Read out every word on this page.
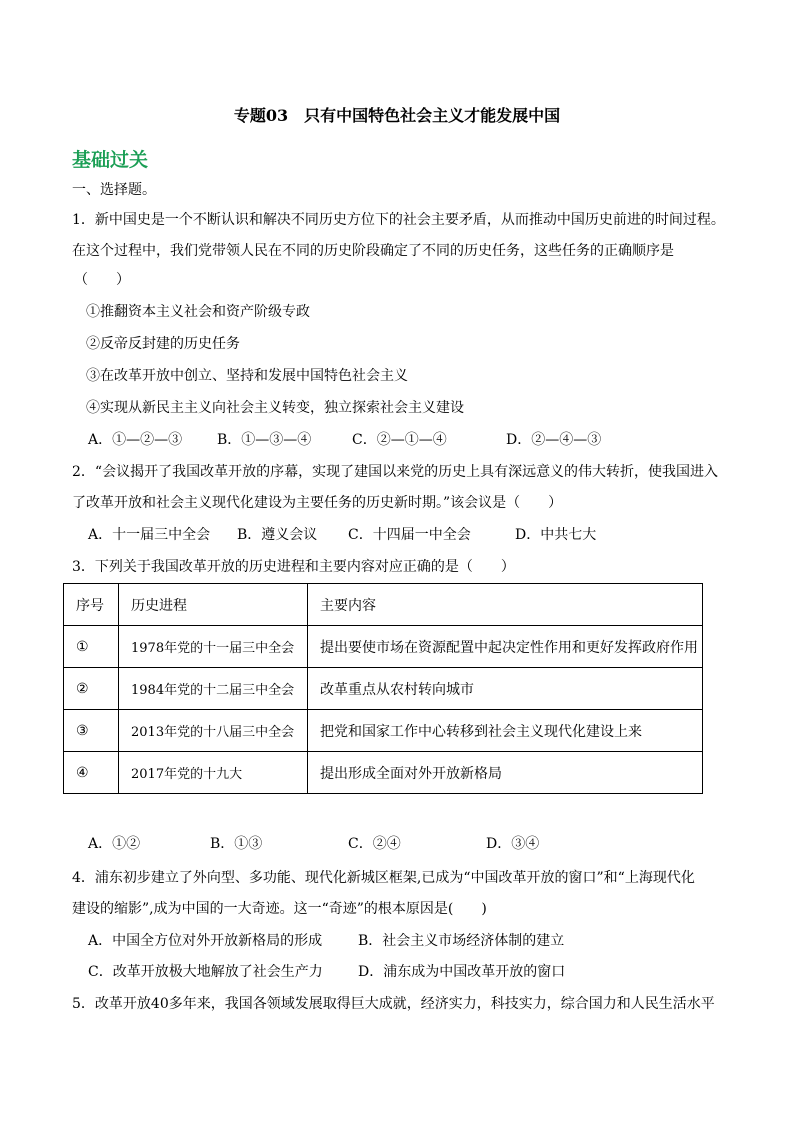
专题03　只有中国特色社会主义才能发展中国
基础过关
一、选择题。
1．新中国史是一个不断认识和解决不同历史方位下的社会主要矛盾，从而推动中国历史前进的时间过程。
在这个过程中，我们党带领人民在不同的历史阶段确定了不同的历史任务，这些任务的正确顺序是
（　　）
①推翻资本主义社会和资产阶级专政
②反帝反封建的历史任务
③在改革开放中创立、坚持和发展中国特色社会主义
④实现从新民主主义向社会主义转变，独立探索社会主义建设
A．①—②—③ B．①—③—④	C．②—①—④	D．②—④—③
2．“会议揭开了我国改革开放的序幕，实现了建国以来党的历史上具有深远意义的伟大转折，使我国进入
了改革开放和社会主义现代化建设为主要任务的历史新时期。”该会议是（　　）
A．十一届三中全会 B．遵义会议 C．十四届一中全会	D．中共七大
3．下列关于我国改革开放的历史进程和主要内容对应正确的是（　　）
序号	历史进程	主要内容
①	1978年党的十一届三中全会	提出要使市场在资源配置中起决定性作用和更好发挥政府作用
②	1984年党的十二届三中全会	改革重点从农村转向城市
③	2013年党的十八届三中全会	把党和国家工作中心转移到社会主义现代化建设上来
④	2017年党的十九大	提出形成全面对外开放新格局
A．①②	B．①③	C．②④	D．③④
4．浦东初步建立了外向型、多功能、现代化新城区框架,已成为“中国改革开放的窗口”和“上海现代化
建设的缩影”,成为中国的一大奇迹。这一“奇迹”的根本原因是(　　)
A．中国全方位对外开放新格局的形成	B．社会主义市场经济体制的建立
C．改革开放极大地解放了社会生产力	D．浦东成为中国改革开放的窗口
5．改革开放40多年来，我国各领域发展取得巨大成就，经济实力，科技实力，综合国力和人民生活水平
